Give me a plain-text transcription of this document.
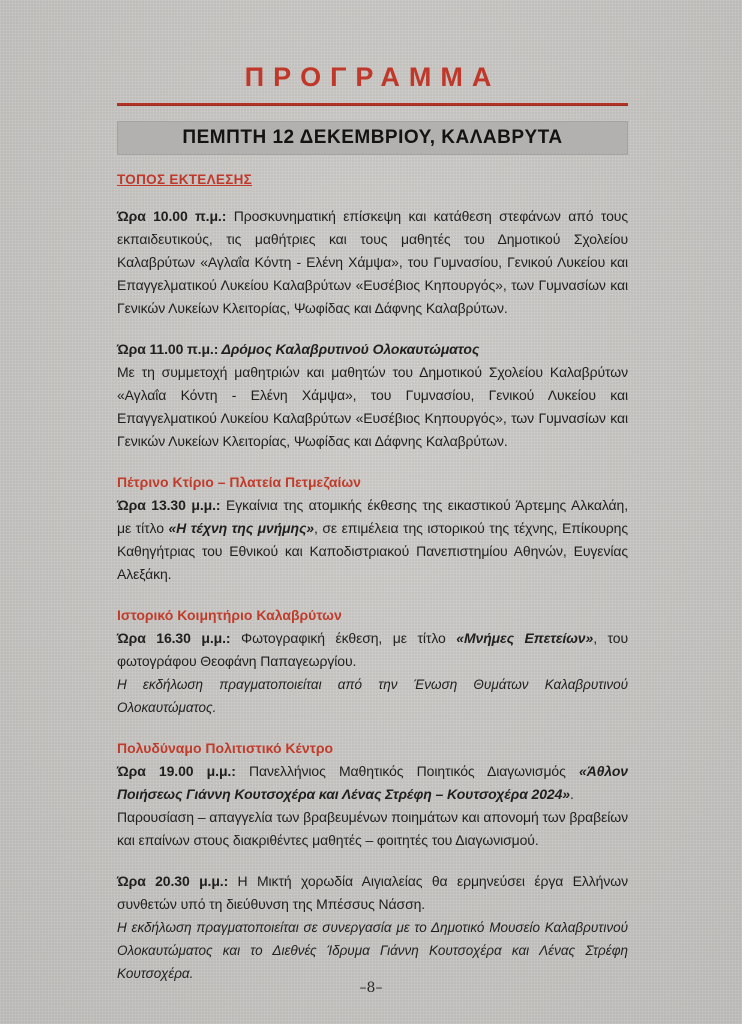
ΠΡΟΓΡΑΜΜΑ
ΠΕΜΠΤΗ 12 ΔΕΚΕΜΒΡΙΟΥ, ΚΑΛΑΒΡΥΤΑ
ΤΟΠΟΣ ΕΚΤΕΛΕΣΗΣ

Ώρα 10.00 π.μ.: Προσκυνηματική επίσκεψη και κατάθεση στεφάνων από τους εκπαιδευτικούς, τις μαθήτριες και τους μαθητές του Δημοτικού Σχολείου Καλαβρύτων «Αγλαΐα Κόντη - Ελένη Χάμψα», του Γυμνασίου, Γενικού Λυκείου και Επαγγελματικού Λυκείου Καλαβρύτων «Ευσέβιος Κηπουργός», των Γυμνασίων και Γενικών Λυκείων Κλειτορίας, Ψωφίδας και Δάφνης Καλαβρύτων.

Ώρα 11.00 π.μ.: Δρόμος Καλαβρυτινού Ολοκαυτώματος

Με τη συμμετοχή μαθητριών και μαθητών του Δημοτικού Σχολείου Καλαβρύτων «Αγλαΐα Κόντη - Ελένη Χάμψα», του Γυμνασίου, Γενικού Λυκείου και Επαγγελματικού Λυκείου Καλαβρύτων «Ευσέβιος Κηπουργός», των Γυμνασίων και Γενικών Λυκείων Κλειτορίας, Ψωφίδας και Δάφνης Καλαβρύτων.

Πέτρινο Κτίριο – Πλατεία Πετμεζαίων

Ώρα 13.30 μ.μ.: Εγκαίνια της ατομικής έκθεσης της εικαστικού Άρτεμης Αλκαλάη, με τίτλο «Η τέχνη της μνήμης», σε επιμέλεια της ιστορικού της τέχνης, Επίκουρης Καθηγήτριας του Εθνικού και Καποδιστριακού Πανεπιστημίου Αθηνών, Ευγενίας Αλεξάκη.

Ιστορικό Κοιμητήριο Καλαβρύτων

Ώρα 16.30 μ.μ.: Φωτογραφική έκθεση, με τίτλο «Μνήμες Επετείων», του φωτογράφου Θεοφάνη Παπαγεωργίου.

Η εκδήλωση πραγματοποιείται από την Ένωση Θυμάτων Καλαβρυτινού Ολοκαυτώματος.

Πολυδύναμο Πολιτιστικό Κέντρο

Ώρα 19.00 μ.μ.: Πανελλήνιος Μαθητικός Ποιητικός Διαγωνισμός «Άθλον Ποιήσεως Γιάννη Κουτσοχέρα και Λένας Στρέφη – Κουτσοχέρα 2024».

Παρουσίαση – απαγγελία των βραβευμένων ποιημάτων και απονομή των βραβείων και επαίνων στους διακριθέντες μαθητές – φοιτητές του Διαγωνισμού.

Ώρα 20.30 μ.μ.: Η Μικτή χορωδία Αιγιαλείας θα ερμηνεύσει έργα Ελλήνων συνθετών υπό τη διεύθυνση της Μπέσσυς Νάσση.

Η εκδήλωση πραγματοποιείται σε συνεργασία με το Δημοτικό Μουσείο Καλαβρυτινού Ολοκαυτώματος και το Διεθνές Ίδρυμα Γιάννη Κουτσοχέρα και Λένας Στρέφη Κουτσοχέρα.

–8–
